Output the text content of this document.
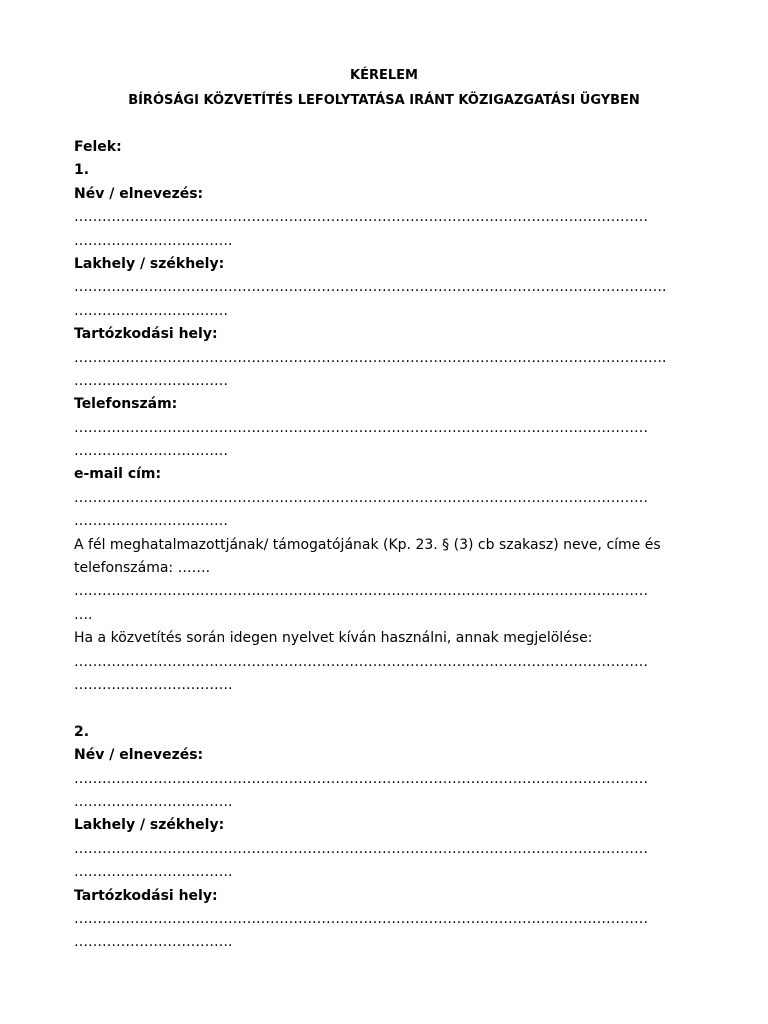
KÉRELEM
BÍRÓSÁGI KÖZVETÍTÉS LEFOLYTATÁSA IRÁNT KÖZIGAZGATÁSI ÜGYBEN
Felek:
1.
Név / elnevezés:
……………………………………………………………………………………………………………
…………………………….
Lakhely / székhely:
……………………………………………………………………………………………………………….
……………………………
Tartózkodási hely:
……………………………………………………………………………………………………………….
……………………………
Telefonszám:
……………………………………………………………………………………………………………
……………………………
e-mail cím:
……………………………………………………………………………………………………………
……………………………
A fél meghatalmazottjának/ támogatójának (Kp. 23. § (3) cb szakasz) neve, címe és
telefonszáma: …….
……………………………………………………………………………………………………………
….
Ha a közvetítés során idegen nyelvet kíván használni, annak megjelölése:
……………………………………………………………………………………………………………
…………………………….

2.
Név / elnevezés:
……………………………………………………………………………………………………………
…………………………….
Lakhely / székhely:
……………………………………………………………………………………………………………
…………………………….
Tartózkodási hely:
……………………………………………………………………………………………………………
…………………………….
